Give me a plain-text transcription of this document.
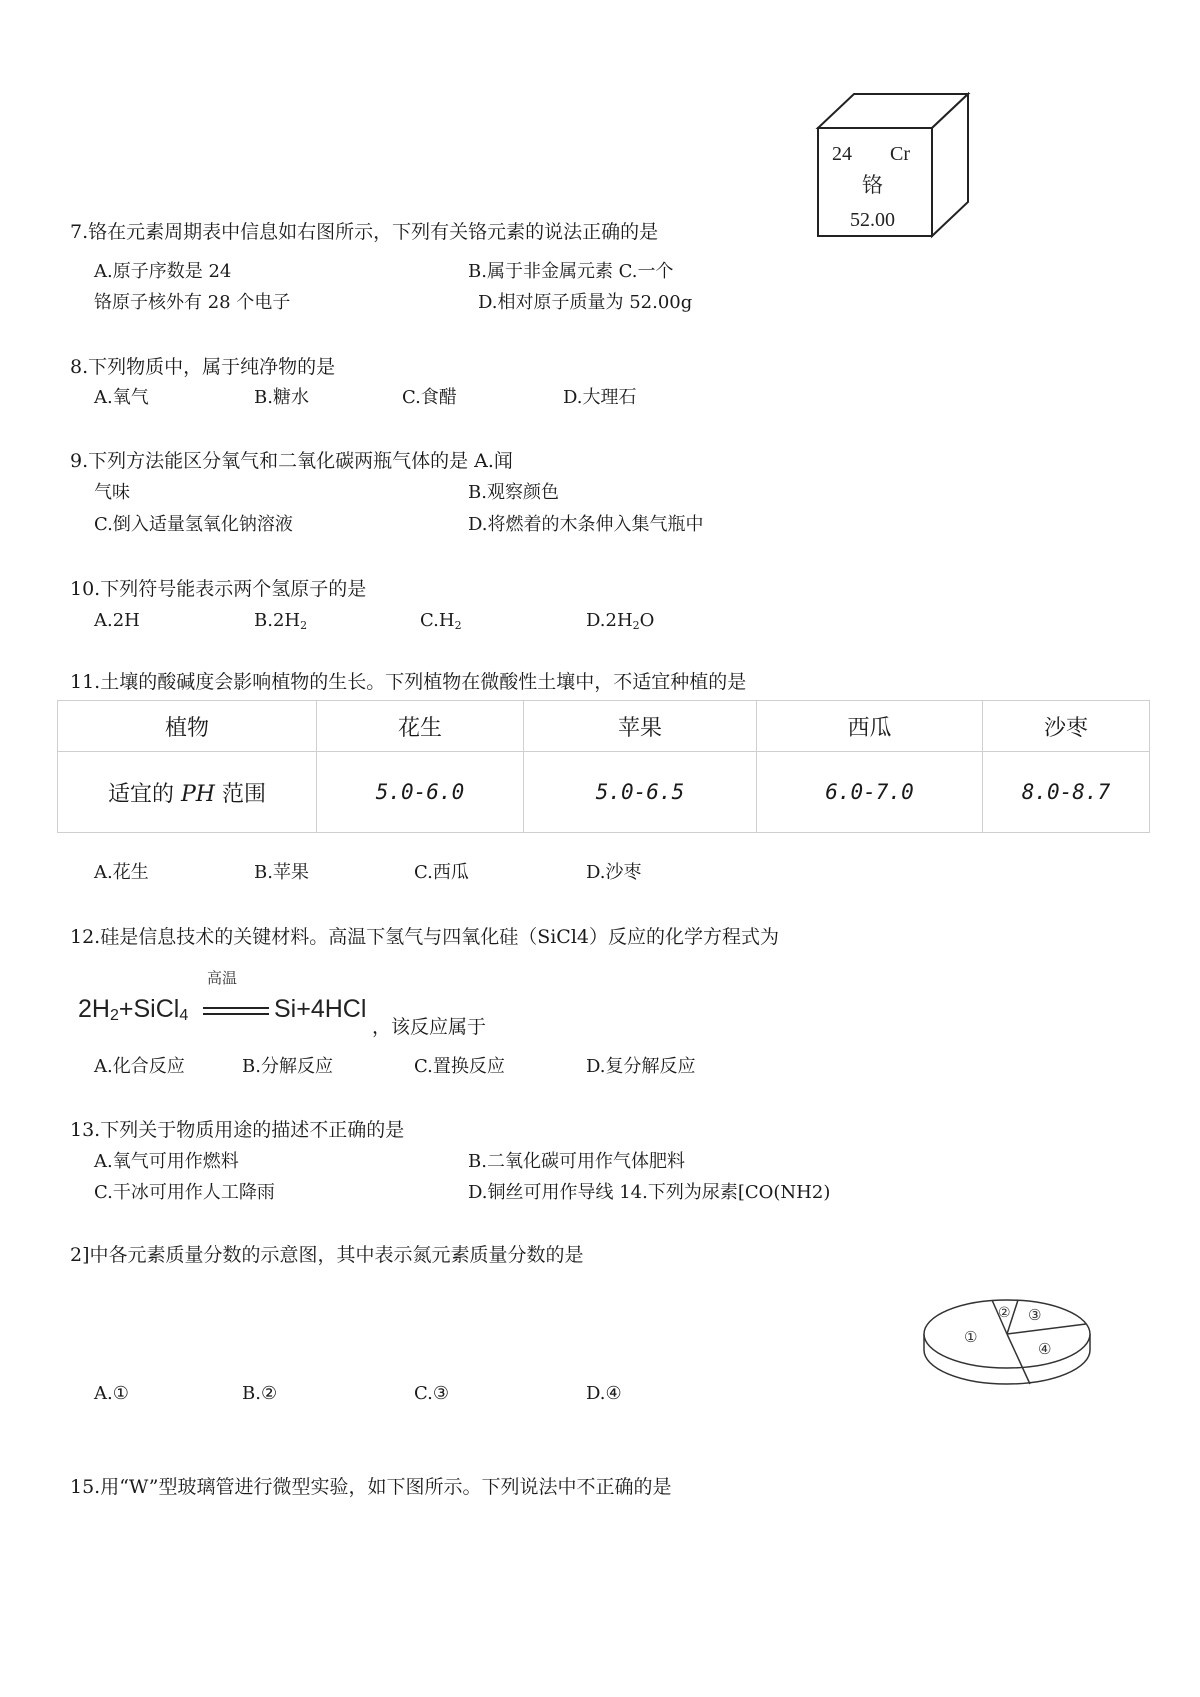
24 Cr
铬
52.00
7.铬在元素周期表中信息如右图所示，下列有关铬元素的说法正确的是
A.原子序数是 24	B.属于非金属元素 C.一个
铬原子核外有 28 个电子	D.相对原子质量为 52.00g
8.下列物质中，属于纯净物的是
A.氧气	B.糖水	C.食醋	D.大理石
9.下列方法能区分氧气和二氧化碳两瓶气体的是 A.闻
气味	B.观察颜色
C.倒入适量氢氧化钠溶液	D.将燃着的木条伸入集气瓶中
10.下列符号能表示两个氢原子的是
A.2H	$B.2H_2$	$C.H_2$	$D.2H_2O$
11.土壤的酸碱度会影响植物的生长。下列植物在微酸性土壤中，不适宜种植的是
植物	花生	苹果	西瓜	沙枣
适宜的 PH 范围	5.0-6.0	5.0-6.5	6.0-7.0	8.0-8.7
A.花生	B.苹果	C.西瓜	D.沙枣
12.硅是信息技术的关键材料。高温下氢气与四氧化硅（SiCl4）反应的化学方程式为
高温
2H2+SiCl4	Si+4HCl
，该反应属于
A.化合反应	B.分解反应	C.置换反应	D.复分解反应
13.下列关于物质用途的描述不正确的是
A.氧气可用作燃料	B.二氧化碳可用作气体肥料
C.干冰可用作人工降雨	D.铜丝可用作导线 14.下列为尿素[CO(NH2)
2]中各元素质量分数的示意图，其中表示氮元素质量分数的是
①
② ③
④
A.①	B.②	C.③	D.④
15.用“W”型玻璃管进行微型实验，如下图所示。下列说法中不正确的是
